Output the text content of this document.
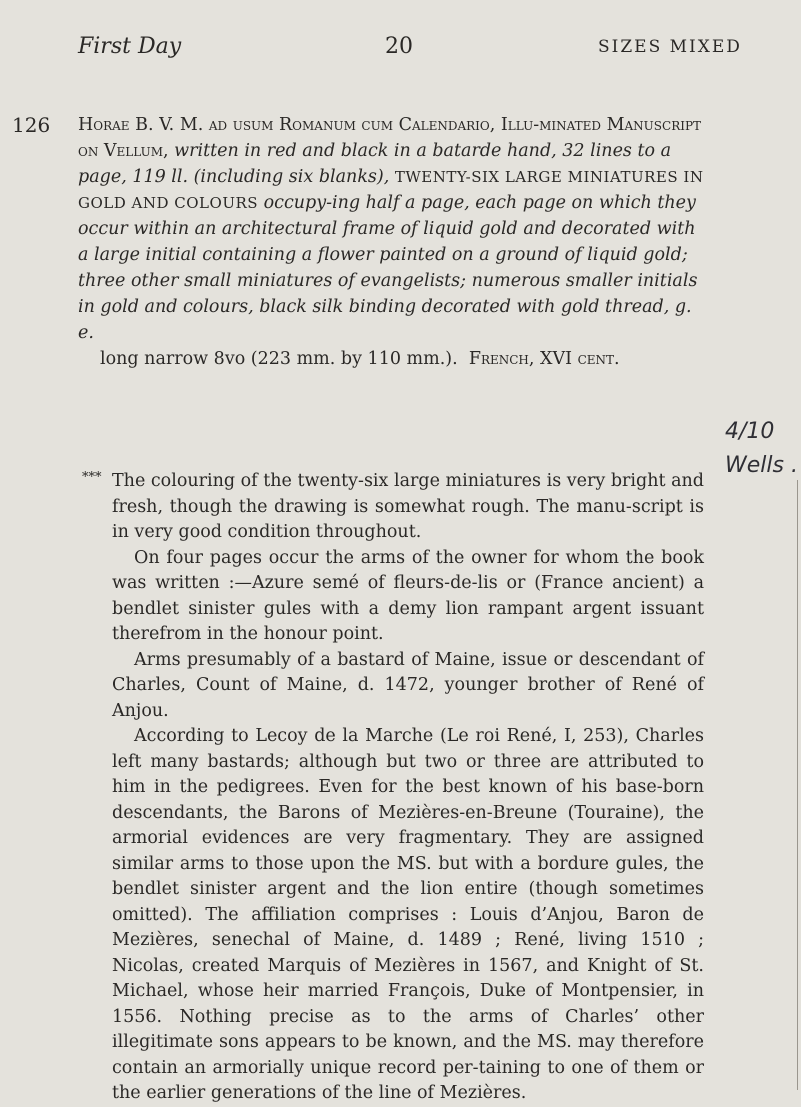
First Day	20	SIZES MIXED
126 Horae B. V. M. ad usum Romanum cum Calendario, Illu-minated Manuscript on Vellum, written in red and black in a batarde hand, 32 lines to a page, 119 ll. (including six blanks), TWENTY-SIX LARGE MINIATURES IN GOLD AND COLOURS occupy-ing half a page, each page on which they occur within an architectural frame of liquid gold and decorated with a large initial containing a flower painted on a ground of liquid gold; three other small miniatures of evangelists; numerous smaller initials in gold and colours, black silk binding decorated with gold thread, g. e.
long narrow 8vo (223 mm. by 110 mm.). French, XVI cent.

*** The colouring of the twenty-six large miniatures is very bright and fresh, though the drawing is somewhat rough. The manu-script is in very good condition throughout.

On four pages occur the arms of the owner for whom the book was written :—Azure semé of fleurs-de-lis or (France ancient) a bendlet sinister gules with a demy lion rampant argent issuant therefrom in the honour point.

Arms presumably of a bastard of Maine, issue or descendant of Charles, Count of Maine, d. 1472, younger brother of René of Anjou.

According to Lecoy de la Marche (Le roi René, I, 253), Charles left many bastards; although but two or three are attributed to him in the pedigrees. Even for the best known of his base-born descendants, the Barons of Mezières-en-Breune (Touraine), the armorial evidences are very fragmentary. They are assigned similar arms to those upon the MS. but with a bordure gules, the bendlet sinister argent and the lion entire (though sometimes omitted). The affiliation comprises : Louis d’Anjou, Baron de Mezières, senechal of Maine, d. 1489 ; René, living 1510 ; Nicolas, created Marquis of Mezières in 1567, and Knight of St. Michael, whose heir married François, Duke of Montpensier, in 1556. Nothing precise as to the arms of Charles’ other illegitimate sons appears to be known, and the MS. may therefore contain an armorially unique record per-taining to one of them or the earlier generations of the line of Mezières.

4/10
Wells .
